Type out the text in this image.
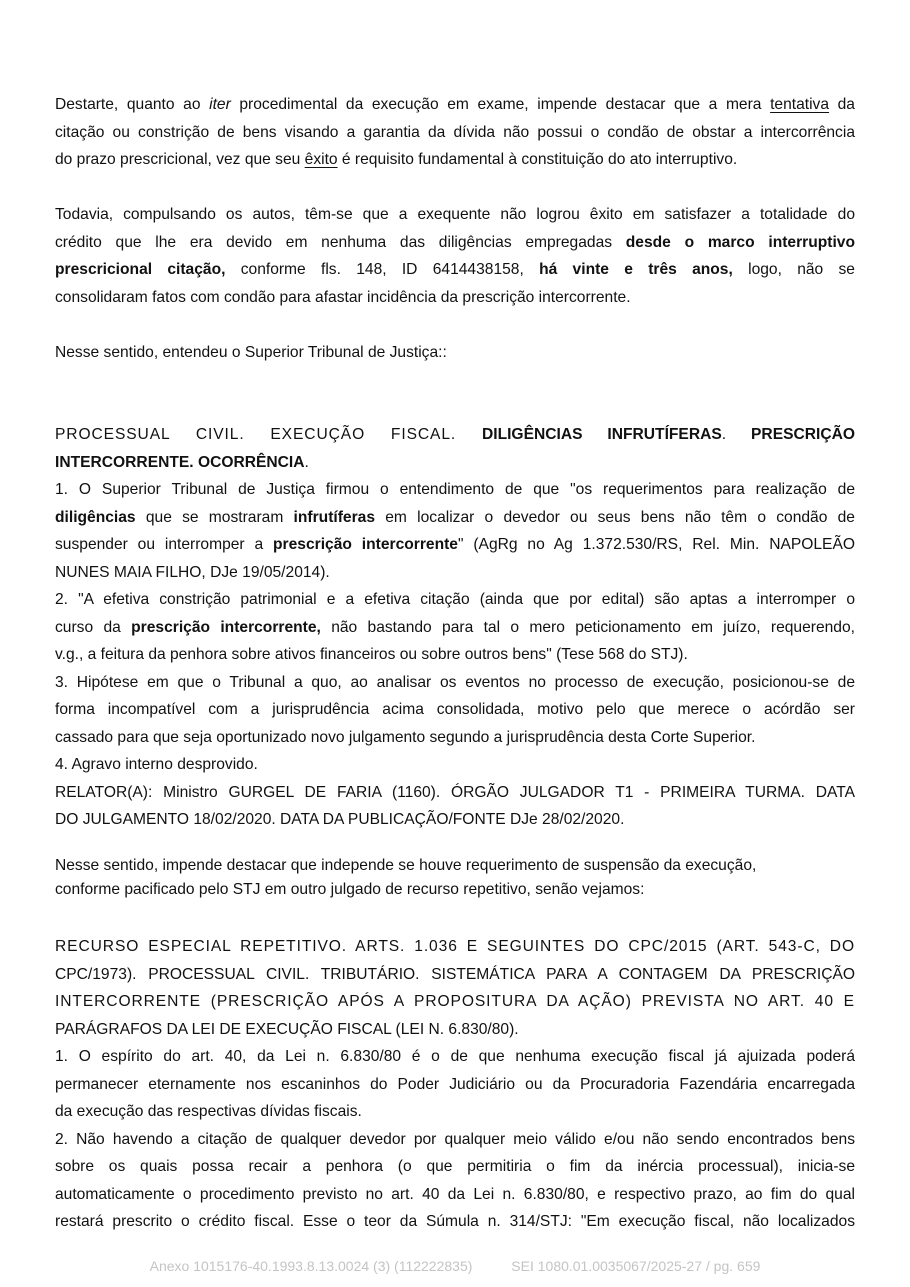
Destarte, quanto ao iter procedimental da execução em exame, impende destacar que a mera tentativa da
citação ou constrição de bens visando a garantia da dívida não possui o condão de obstar a intercorrência
do prazo prescricional, vez que seu êxito é requisito fundamental à constituição do ato interruptivo.
Todavia, compulsando os autos, têm-se que a exequente não logrou êxito em satisfazer a totalidade do
crédito que lhe era devido em nenhuma das diligências empregadas desde o marco interruptivo
prescricional citação, conforme fls. 148, ID 6414438158, há vinte e três anos, logo, não se
consolidaram fatos com condão para afastar incidência da prescrição intercorrente.
Nesse sentido, entendeu o Superior Tribunal de Justiça::
PROCESSUAL CIVIL. EXECUÇÃO FISCAL. DILIGÊNCIAS INFRUTÍFERAS. PRESCRIÇÃO
INTERCORRENTE. OCORRÊNCIA.
1. O Superior Tribunal de Justiça firmou o entendimento de que "os requerimentos para realização de
diligências que se mostraram infrutíferas em localizar o devedor ou seus bens não têm o condão de
suspender ou interromper a prescrição intercorrente" (AgRg no Ag 1.372.530/RS, Rel. Min. NAPOLEÃO
NUNES MAIA FILHO, DJe 19/05/2014).
2. "A efetiva constrição patrimonial e a efetiva citação (ainda que por edital) são aptas a interromper o
curso da prescrição intercorrente, não bastando para tal o mero peticionamento em juízo, requerendo,
v.g., a feitura da penhora sobre ativos financeiros ou sobre outros bens" (Tese 568 do STJ).
3. Hipótese em que o Tribunal a quo, ao analisar os eventos no processo de execução, posicionou-se de
forma incompatível com a jurisprudência acima consolidada, motivo pelo que merece o acórdão ser
cassado para que seja oportunizado novo julgamento segundo a jurisprudência desta Corte Superior.
4. Agravo interno desprovido.
RELATOR(A): Ministro GURGEL DE FARIA (1160). ÓRGÃO JULGADOR T1 - PRIMEIRA TURMA. DATA
DO JULGAMENTO 18/02/2020. DATA DA PUBLICAÇÃO/FONTE DJe 28/02/2020.
Nesse sentido, impende destacar que independe se houve requerimento de suspensão da execução,
conforme pacificado pelo STJ em outro julgado de recurso repetitivo, senão vejamos:
RECURSO ESPECIAL REPETITIVO. ARTS. 1.036 E SEGUINTES DO CPC/2015 (ART. 543-C, DO
CPC/1973). PROCESSUAL CIVIL. TRIBUTÁRIO. SISTEMÁTICA PARA A CONTAGEM DA PRESCRIÇÃO
INTERCORRENTE (PRESCRIÇÃO APÓS A PROPOSITURA DA AÇÃO) PREVISTA NO ART. 40 E
PARÁGRAFOS DA LEI DE EXECUÇÃO FISCAL (LEI N. 6.830/80).
1. O espírito do art. 40, da Lei n. 6.830/80 é o de que nenhuma execução fiscal já ajuizada poderá
permanecer eternamente nos escaninhos do Poder Judiciário ou da Procuradoria Fazendária encarregada
da execução das respectivas dívidas fiscais.
2. Não havendo a citação de qualquer devedor por qualquer meio válido e/ou não sendo encontrados bens
sobre os quais possa recair a penhora (o que permitiria o fim da inércia processual), inicia-se
automaticamente o procedimento previsto no art. 40 da Lei n. 6.830/80, e respectivo prazo, ao fim do qual
restará prescrito o crédito fiscal. Esse o teor da Súmula n. 314/STJ: "Em execução fiscal, não localizados
Anexo 1015176-40.1993.8.13.0024 (3) (112222835)          SEI 1080.01.0035067/2025-27 / pg. 659
